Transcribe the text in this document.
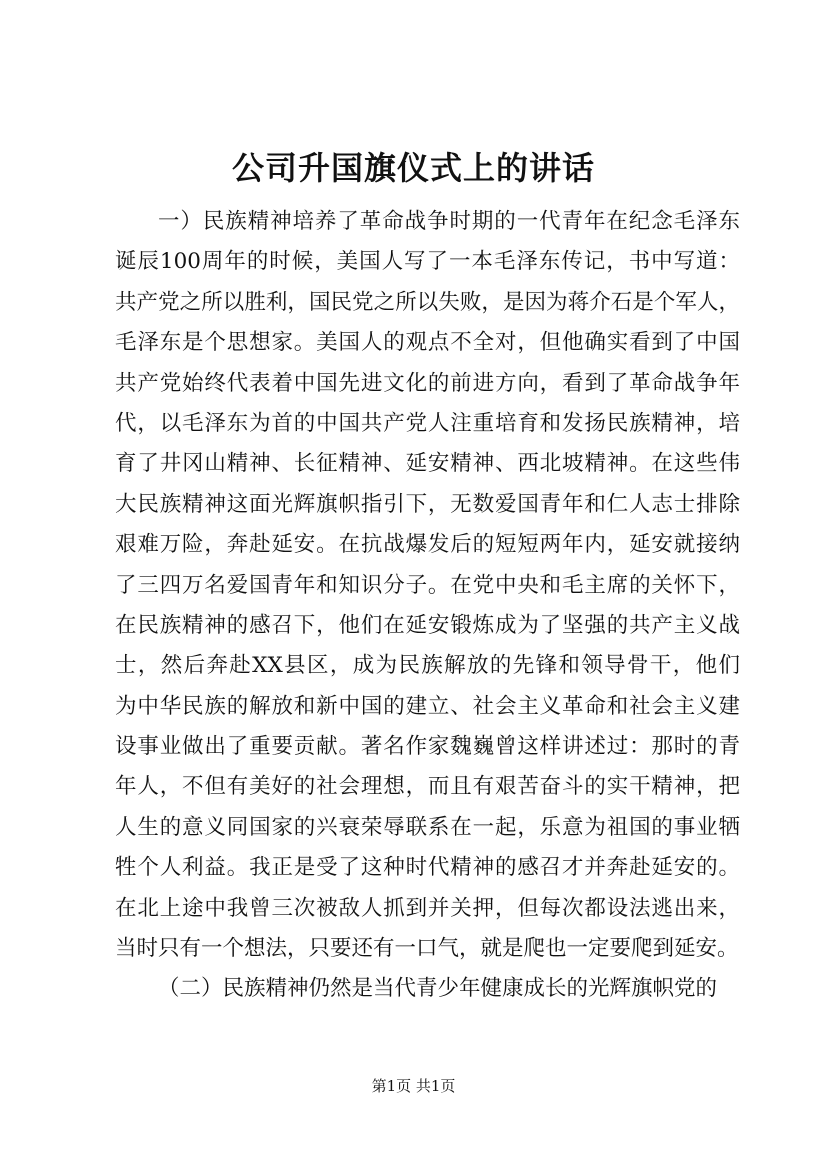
公司升国旗仪式上的讲话
一）民族精神培养了革命战争时期的一代青年在纪念毛泽东
诞辰100周年的时候，美国人写了一本毛泽东传记，书中写道：
共产党之所以胜利，国民党之所以失败，是因为蒋介石是个军人，
毛泽东是个思想家。美国人的观点不全对，但他确实看到了中国
共产党始终代表着中国先进文化的前进方向，看到了革命战争年
代，以毛泽东为首的中国共产党人注重培育和发扬民族精神，培
育了井冈山精神、长征精神、延安精神、西北坡精神。在这些伟
大民族精神这面光辉旗帜指引下，无数爱国青年和仁人志士排除
艰难万险，奔赴延安。在抗战爆发后的短短两年内，延安就接纳
了三四万名爱国青年和知识分子。在党中央和毛主席的关怀下，
在民族精神的感召下，他们在延安锻炼成为了坚强的共产主义战
士，然后奔赴XX县区，成为民族解放的先锋和领导骨干，他们
为中华民族的解放和新中国的建立、社会主义革命和社会主义建
设事业做出了重要贡献。著名作家魏巍曾这样讲述过：那时的青
年人，不但有美好的社会理想，而且有艰苦奋斗的实干精神，把
人生的意义同国家的兴衰荣辱联系在一起，乐意为祖国的事业牺
牲个人利益。我正是受了这种时代精神的感召才并奔赴延安的。
在北上途中我曾三次被敌人抓到并关押，但每次都设法逃出来，
当时只有一个想法，只要还有一口气，就是爬也一定要爬到延安。
（二）民族精神仍然是当代青少年健康成长的光辉旗帜党的
第1页 共1页
